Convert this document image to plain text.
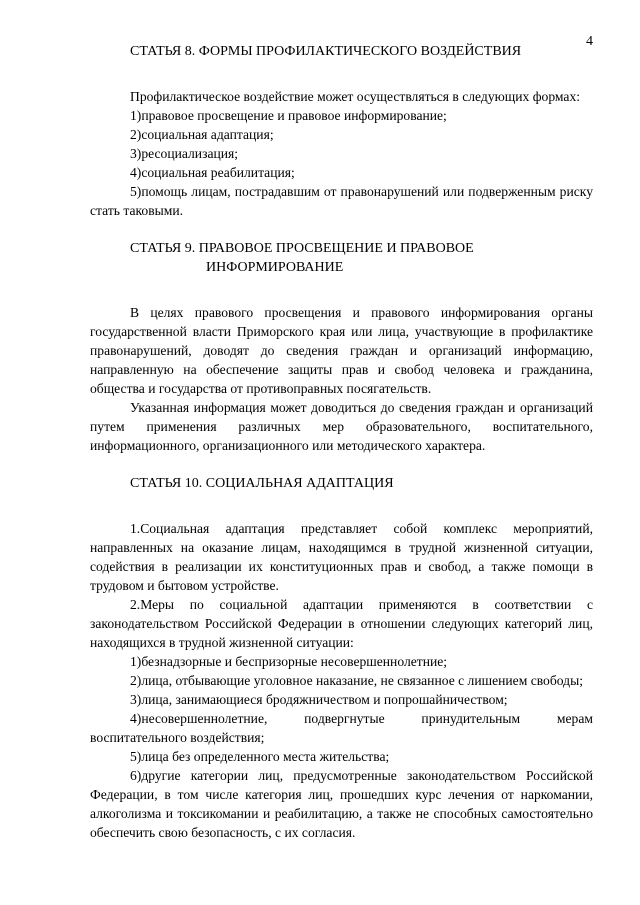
4
СТАТЬЯ 8. ФОРМЫ ПРОФИЛАКТИЧЕСКОГО ВОЗДЕЙСТВИЯ

Профилактическое воздействие может осуществляться в следующих формах:

1)правовое просвещение и правовое информирование;

2)социальная адаптация;

3)ресоциализация;

4)социальная реабилитация;

5)помощь лицам, пострадавшим от правонарушений или подверженным риску стать таковыми.

СТАТЬЯ 9. ПРАВОВОЕ ПРОСВЕЩЕНИЕ И ПРАВОВОЕ
ИНФОРМИРОВАНИЕ

В целях правового просвещения и правового информирования органы государственной власти Приморского края или лица, участвующие в профилактике правонарушений, доводят до сведения граждан и организаций информацию, направленную на обеспечение защиты прав и свобод человека и гражданина, общества и государства от противоправных посягательств.

Указанная информация может доводиться до сведения граждан и организаций путем применения различных мер образовательного, воспитательного, информационного, организационного или методического характера.

СТАТЬЯ 10. СОЦИАЛЬНАЯ АДАПТАЦИЯ

1.Социальная адаптация представляет собой комплекс мероприятий, направленных на оказание лицам, находящимся в трудной жизненной ситуации, содействия в реализации их конституционных прав и свобод, а также помощи в трудовом и бытовом устройстве.

2.Меры по социальной адаптации применяются в соответствии с законодательством Российской Федерации в отношении следующих категорий лиц, находящихся в трудной жизненной ситуации:

1)безнадзорные и беспризорные несовершеннолетние;

2)лица, отбывающие уголовное наказание, не связанное с лишением свободы;

3)лица, занимающиеся бродяжничеством и попрошайничеством;

4)несовершеннолетние, подвергнутые принудительным мерам воспитательного воздействия;

5)лица без определенного места жительства;

6)другие категории лиц, предусмотренные законодательством Российской Федерации, в том числе категория лиц, прошедших курс лечения от наркомании, алкоголизма и токсикомании и реабилитацию, а также не способных самостоятельно обеспечить свою безопасность, с их согласия.
